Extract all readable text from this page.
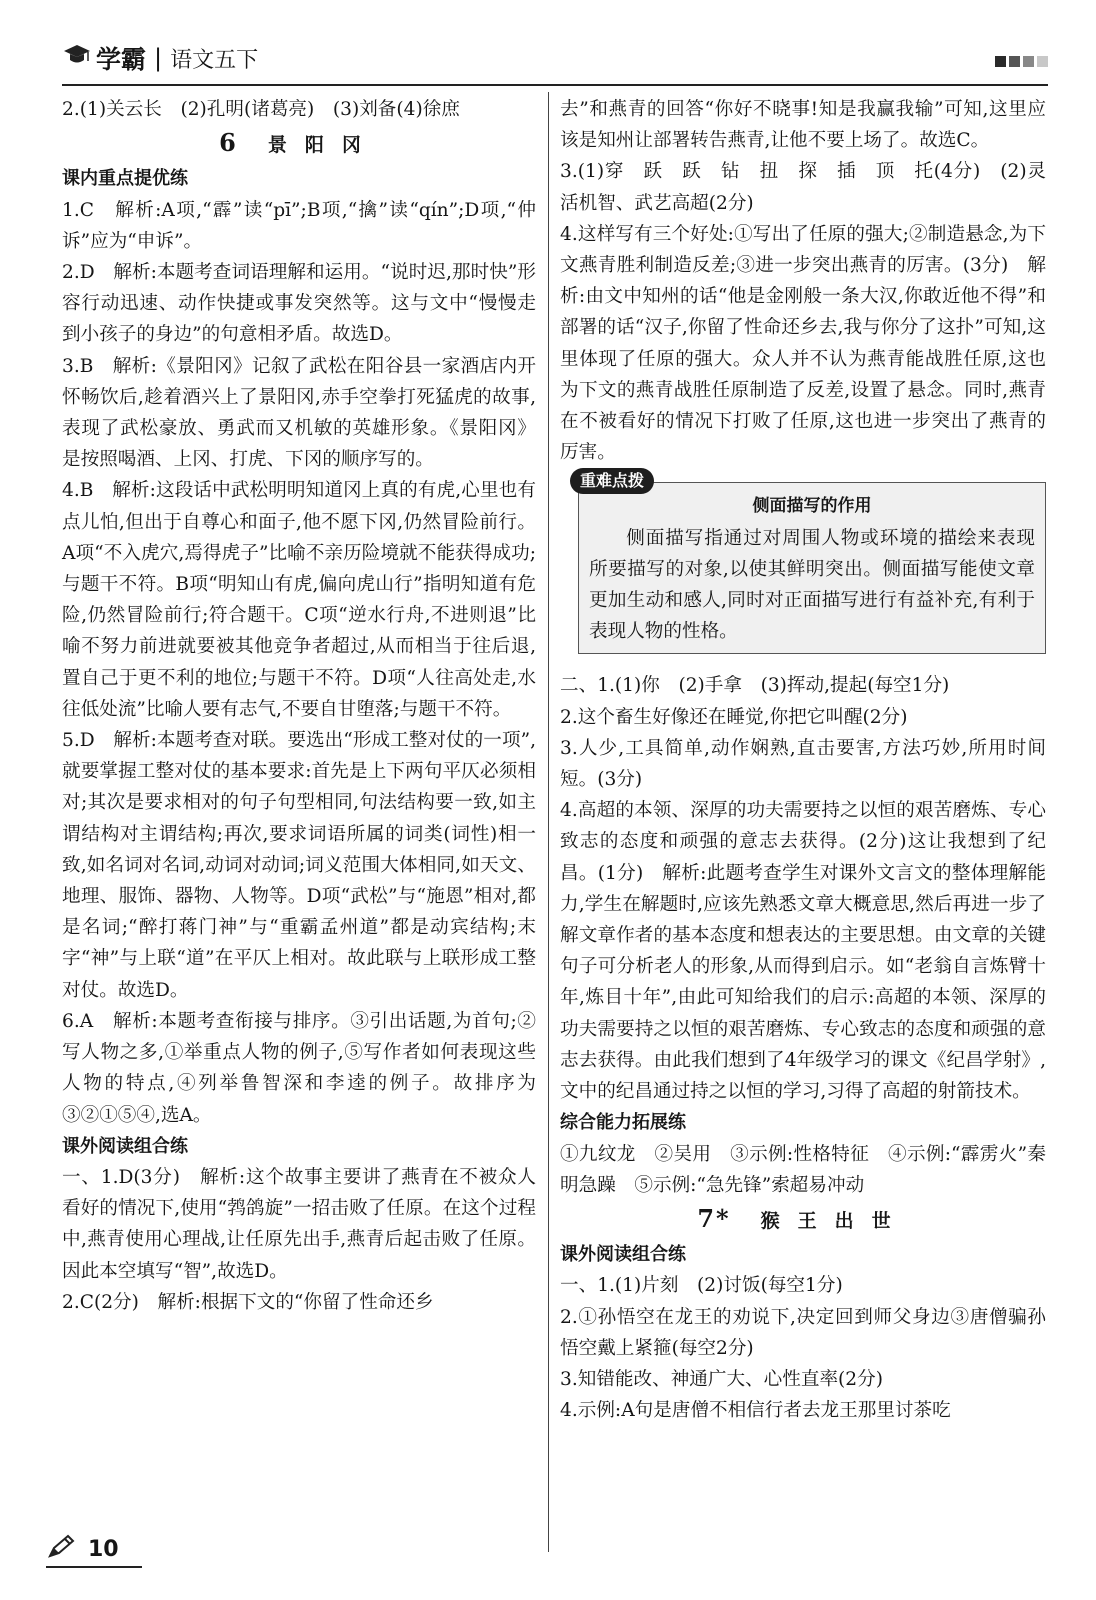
学霸 | 语文五下

2.(1)关云长　(2)孔明(诸葛亮)　(3)刘备(4)徐庶

6 景阳冈
课内重点提优练

1.C　解析:A项,“霹”读“pī”;B项,“擒”读“qín”;D项,“仲诉”应为“申诉”。

2.D　解析:本题考查词语理解和运用。“说时迟,那时快”形容行动迅速、动作快捷或事发突然等。这与文中“慢慢走到小孩子的身边”的句意相矛盾。故选D。

3.B　解析:《景阳冈》记叙了武松在阳谷县一家酒店内开怀畅饮后,趁着酒兴上了景阳冈,赤手空拳打死猛虎的故事,表现了武松豪放、勇武而又机敏的英雄形象。《景阳冈》是按照喝酒、上冈、打虎、下冈的顺序写的。

4.B　解析:这段话中武松明明知道冈上真的有虎,心里也有点儿怕,但出于自尊心和面子,他不愿下冈,仍然冒险前行。A项“不入虎穴,焉得虎子”比喻不亲历险境就不能获得成功;与题干不符。B项“明知山有虎,偏向虎山行”指明知道有危险,仍然冒险前行;符合题干。C项“逆水行舟,不进则退”比喻不努力前进就要被其他竞争者超过,从而相当于往后退,置自己于更不利的地位;与题干不符。D项“人往高处走,水往低处流”比喻人要有志气,不要自甘堕落;与题干不符。

5.D　解析:本题考查对联。要选出“形成工整对仗的一项”,就要掌握工整对仗的基本要求:首先是上下两句平仄必须相对;其次是要求相对的句子句型相同,句法结构要一致,如主谓结构对主谓结构;再次,要求词语所属的词类(词性)相一致,如名词对名词,动词对动词;词义范围大体相同,如天文、地理、服饰、器物、人物等。D项“武松”与“施恩”相对,都是名词;“醉打蒋门神”与“重霸孟州道”都是动宾结构;末字“神”与上联“道”在平仄上相对。故此联与上联形成工整对仗。故选D。

6.A　解析:本题考查衔接与排序。③引出话题,为首句;②写人物之多,①举重点人物的例子,⑤写作者如何表现这些人物的特点,④列举鲁智深和李逵的例子。故排序为③②①⑤④,选A。

课外阅读组合练

一、1.D(3分)　解析:这个故事主要讲了燕青在不被众人看好的情况下,使用“鹁鸽旋”一招击败了任原。在这个过程中,燕青使用心理战,让任原先出手,燕青后起击败了任原。因此本空填写“智”,故选D。

2.C(2分)　解析:根据下文的“你留了性命还乡

去”和燕青的回答“你好不晓事!知是我赢我输”可知,这里应该是知州让部署转告燕青,让他不要上场了。故选C。

3.(1)穿　跃　跃　钻　扭　探　插　顶　托(4分)　(2)灵活机智、武艺高超(2分)

4.这样写有三个好处:①写出了任原的强大;②制造悬念,为下文燕青胜利制造反差;③进一步突出燕青的厉害。(3分)　解析:由文中知州的话“他是金刚般一条大汉,你敢近他不得”和部署的话“汉子,你留了性命还乡去,我与你分了这扑”可知,这里体现了任原的强大。众人并不认为燕青能战胜任原,这也为下文的燕青战胜任原制造了反差,设置了悬念。同时,燕青在不被看好的情况下打败了任原,这也进一步突出了燕青的厉害。

重难点拨
侧面描写的作用

侧面描写指通过对周围人物或环境的描绘来表现所要描写的对象,以使其鲜明突出。侧面描写能使文章更加生动和感人,同时对正面描写进行有益补充,有利于表现人物的性格。

二、1.(1)你　(2)手拿　(3)挥动,提起(每空1分)

2.这个畜生好像还在睡觉,你把它叫醒(2分)

3.人少,工具简单,动作娴熟,直击要害,方法巧妙,所用时间短。(3分)

4.高超的本领、深厚的功夫需要持之以恒的艰苦磨炼、专心致志的态度和顽强的意志去获得。(2分)这让我想到了纪昌。(1分)　解析:此题考查学生对课外文言文的整体理解能力,学生在解题时,应该先熟悉文章大概意思,然后再进一步了解文章作者的基本态度和想表达的主要思想。由文章的关键句子可分析老人的形象,从而得到启示。如“老翁自言炼臂十年,炼目十年”,由此可知给我们的启示:高超的本领、深厚的功夫需要持之以恒的艰苦磨炼、专心致志的态度和顽强的意志去获得。由此我们想到了4年级学习的课文《纪昌学射》,文中的纪昌通过持之以恒的学习,习得了高超的射箭技术。

综合能力拓展练

①九纹龙　②吴用　③示例:性格特征　④示例:“霹雳火”秦明急躁　⑤示例:“急先锋”索超易冲动

7* 猴王出世
课外阅读组合练

一、1.(1)片刻　(2)讨饭(每空1分)

2.①孙悟空在龙王的劝说下,决定回到师父身边③唐僧骗孙悟空戴上紧箍(每空2分)

3.知错能改、神通广大、心性直率(2分)

4.示例:A句是唐僧不相信行者去龙王那里讨茶吃

10
